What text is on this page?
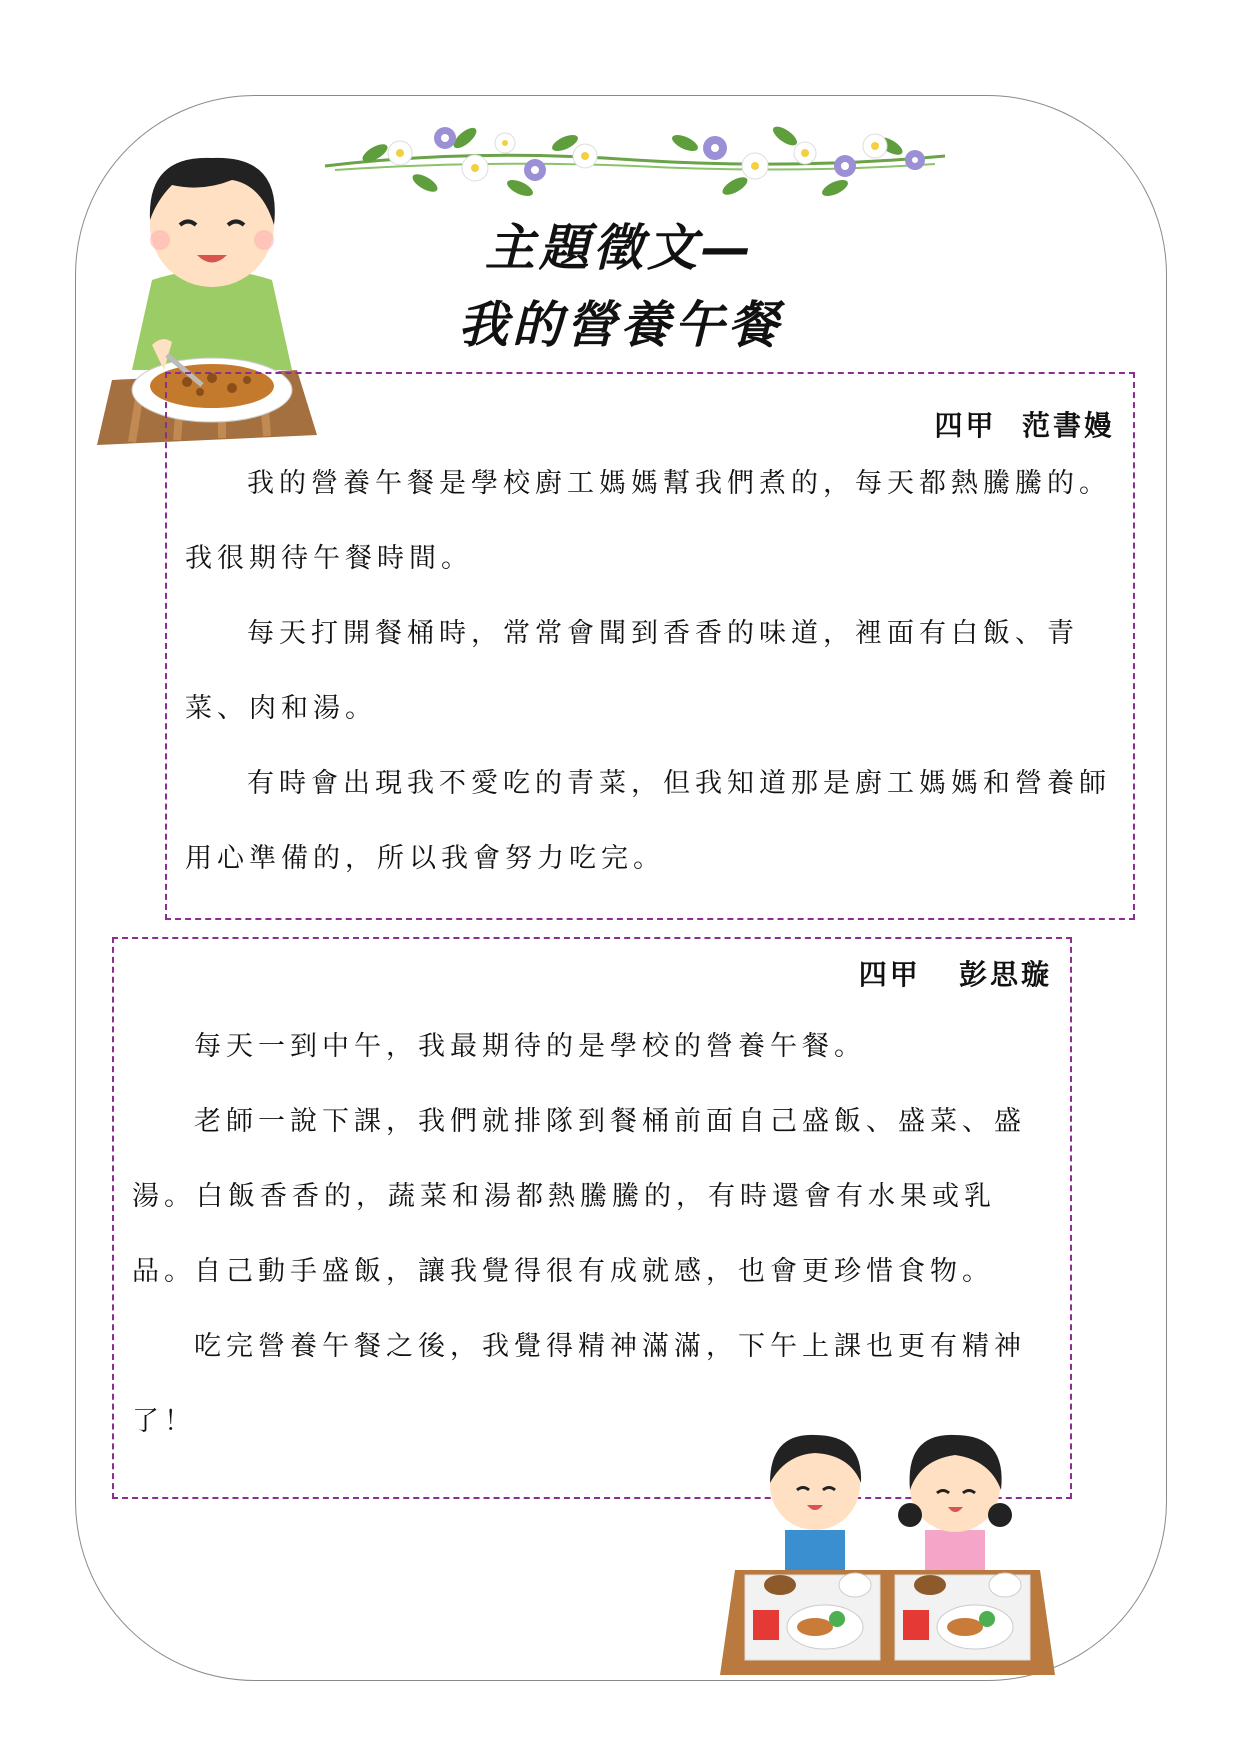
主題徵文—
我的營養午餐
四甲  范書嫚

我的營養午餐是學校廚工媽媽幫我們煮的，每天都熱騰騰的。我很期待午餐時間。

每天打開餐桶時，常常會聞到香香的味道，裡面有白飯、青菜、肉和湯。

有時會出現我不愛吃的青菜，但我知道那是廚工媽媽和營養師用心準備的，所以我會努力吃完。

四甲   彭思璇

每天一到中午，我最期待的是學校的營養午餐。

老師一說下課，我們就排隊到餐桶前面自己盛飯、盛菜、盛湯。白飯香香的，蔬菜和湯都熱騰騰的，有時還會有水果或乳品。

自己動手盛飯，讓我覺得很有成就感，也會更珍惜食物。

吃完營養午餐之後，我覺得精神滿滿，下午上課也更有精神了！
